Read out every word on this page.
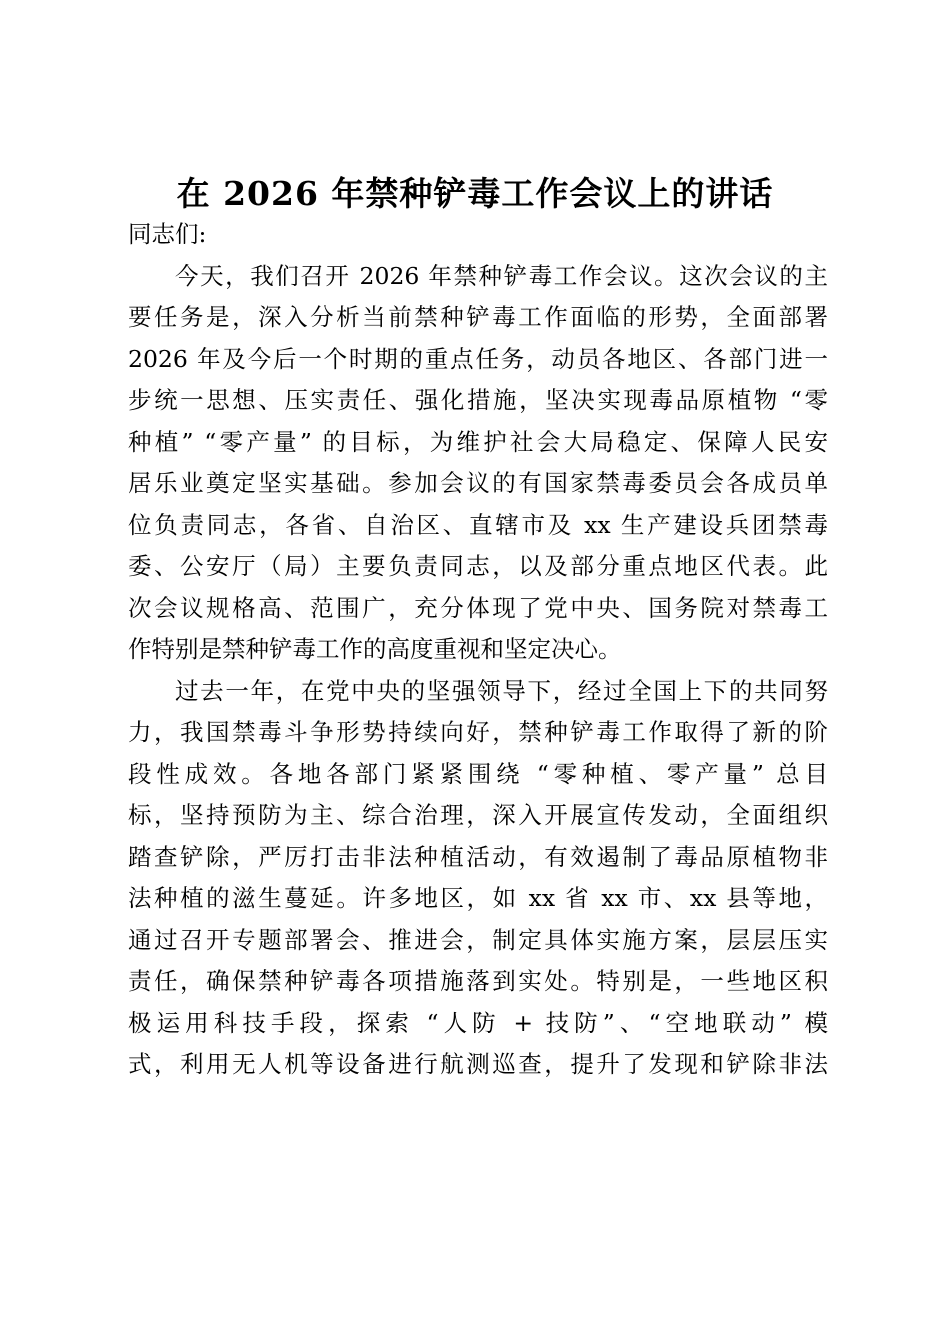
在 2026 年禁种铲毒工作会议上的讲话
同志们:
今天，我们召开 2026 年禁种铲毒工作会议。这次会议的主
要任务是，深入分析当前禁种铲毒工作面临的形势，全面部署
2026 年及今后一个时期的重点任务，动员各地区、各部门进一
步统一思想、压实责任、强化措施，坚决实现毒品原植物 “零
种植” “零产量” 的目标，为维护社会大局稳定、保障人民安
居乐业奠定坚实基础。参加会议的有国家禁毒委员会各成员单
位负责同志，各省、自治区、直辖市及 xx 生产建设兵团禁毒
委、公安厅（局）主要负责同志，以及部分重点地区代表。此
次会议规格高、范围广，充分体现了党中央、国务院对禁毒工
作特别是禁种铲毒工作的高度重视和坚定决心。
过去一年，在党中央的坚强领导下，经过全国上下的共同努
力，我国禁毒斗争形势持续向好，禁种铲毒工作取得了新的阶
段性成效。各地各部门紧紧围绕 “零种植、零产量” 总目
标，坚持预防为主、综合治理，深入开展宣传发动，全面组织
踏查铲除，严厉打击非法种植活动，有效遏制了毒品原植物非
法种植的滋生蔓延。许多地区，如 xx 省 xx 市、xx 县等地，
通过召开专题部署会、推进会，制定具体实施方案，层层压实
责任，确保禁种铲毒各项措施落到实处。特别是，一些地区积
极运用科技手段，探索 “人防 + 技防”、“空地联动” 模
式，利用无人机等设备进行航测巡查，提升了发现和铲除非法
